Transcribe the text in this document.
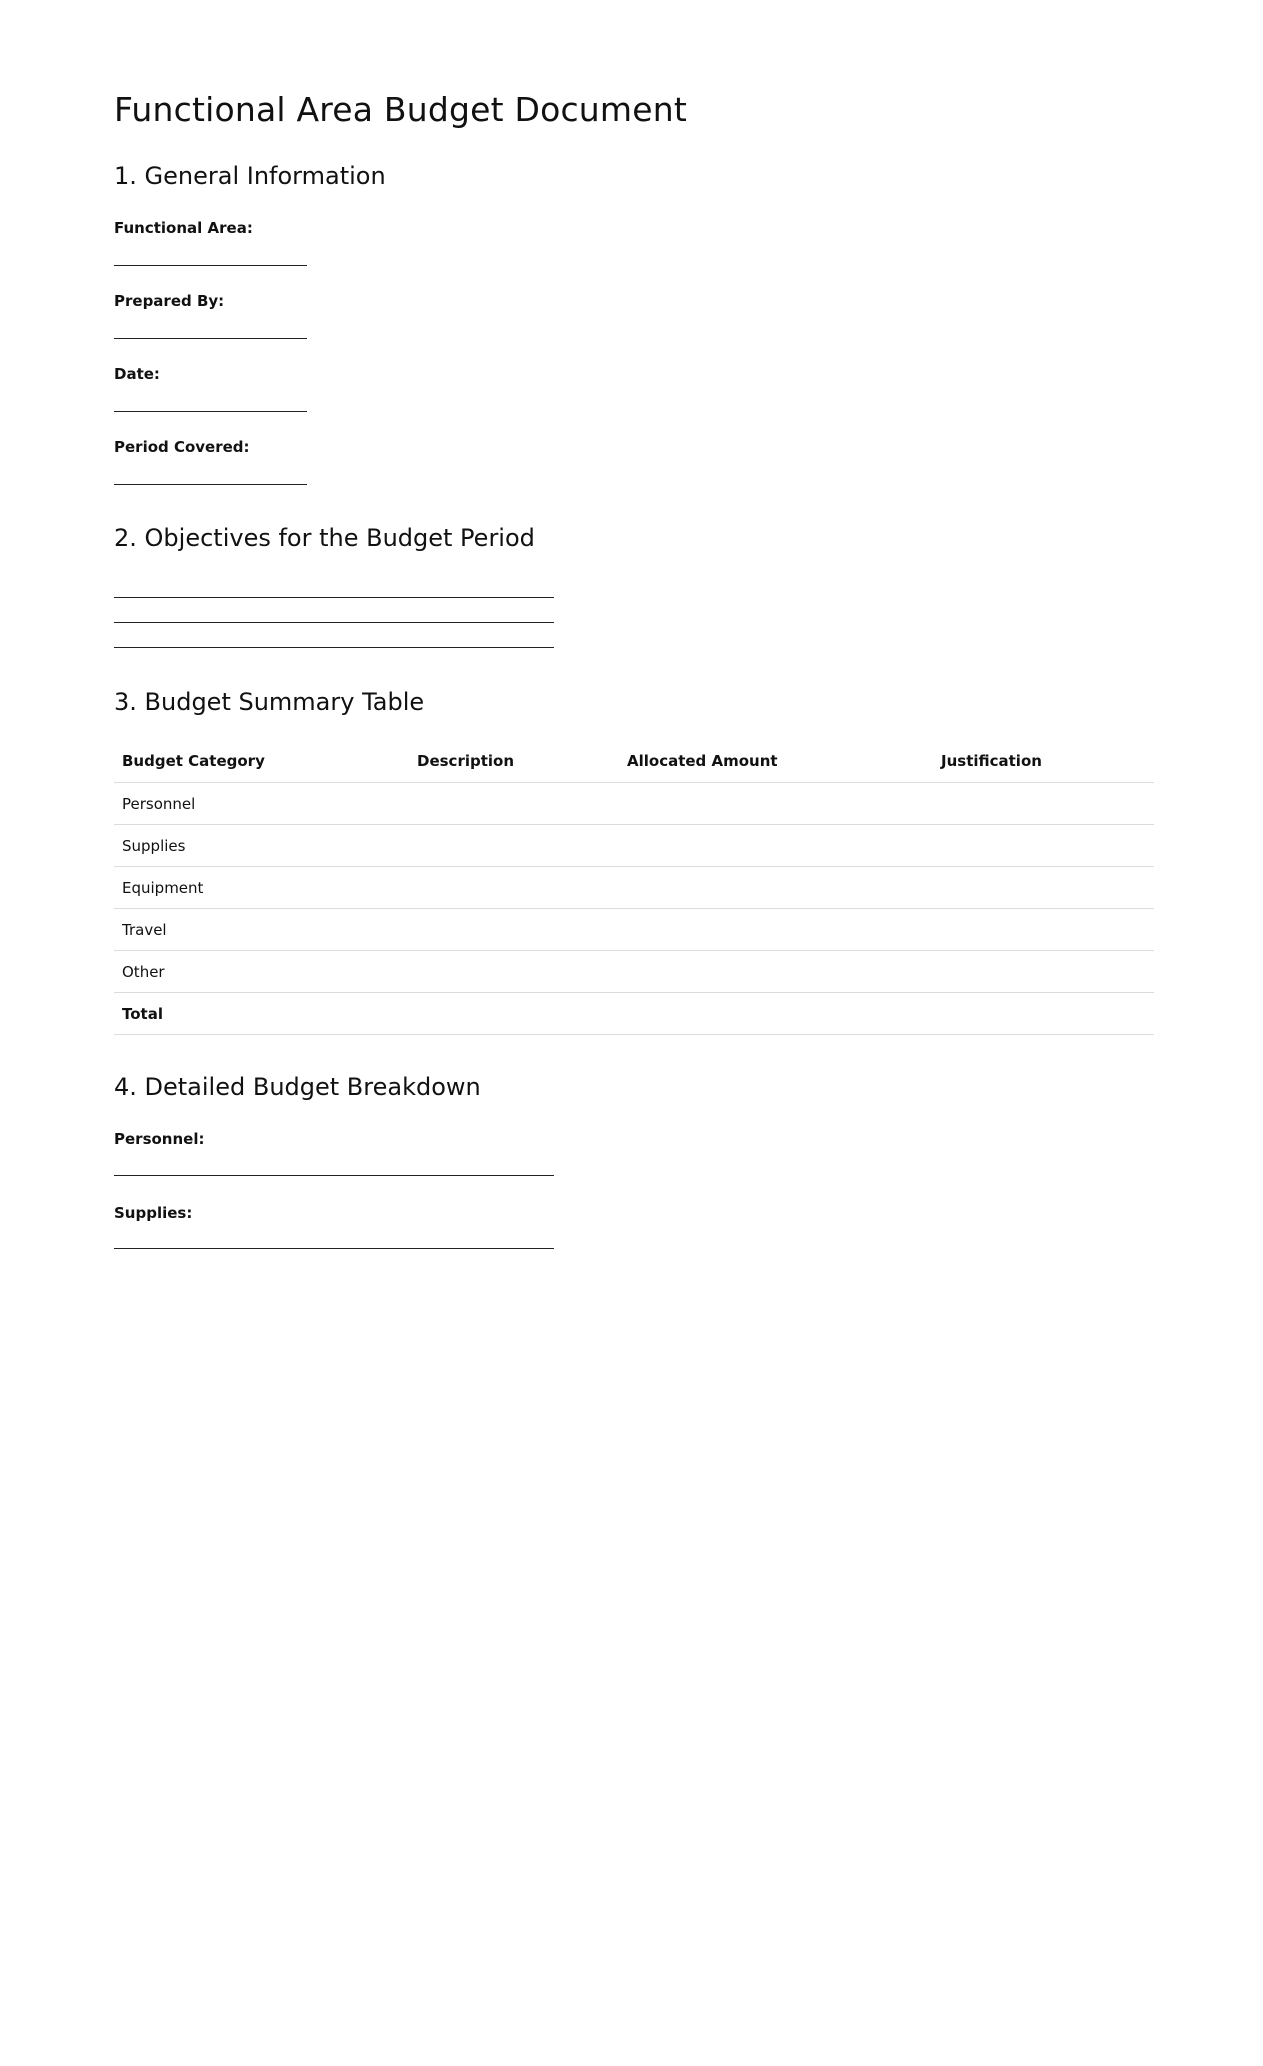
Functional Area Budget Document
1. General Information
Functional Area:
Prepared By:
Date:
Period Covered:
2. Objectives for the Budget Period
3. Budget Summary Table
Budget Category	Description	Allocated Amount	Justification
Personnel			
Supplies			
Equipment			
Travel			
Other			
Total			
4. Detailed Budget Breakdown
Personnel:
Supplies:
